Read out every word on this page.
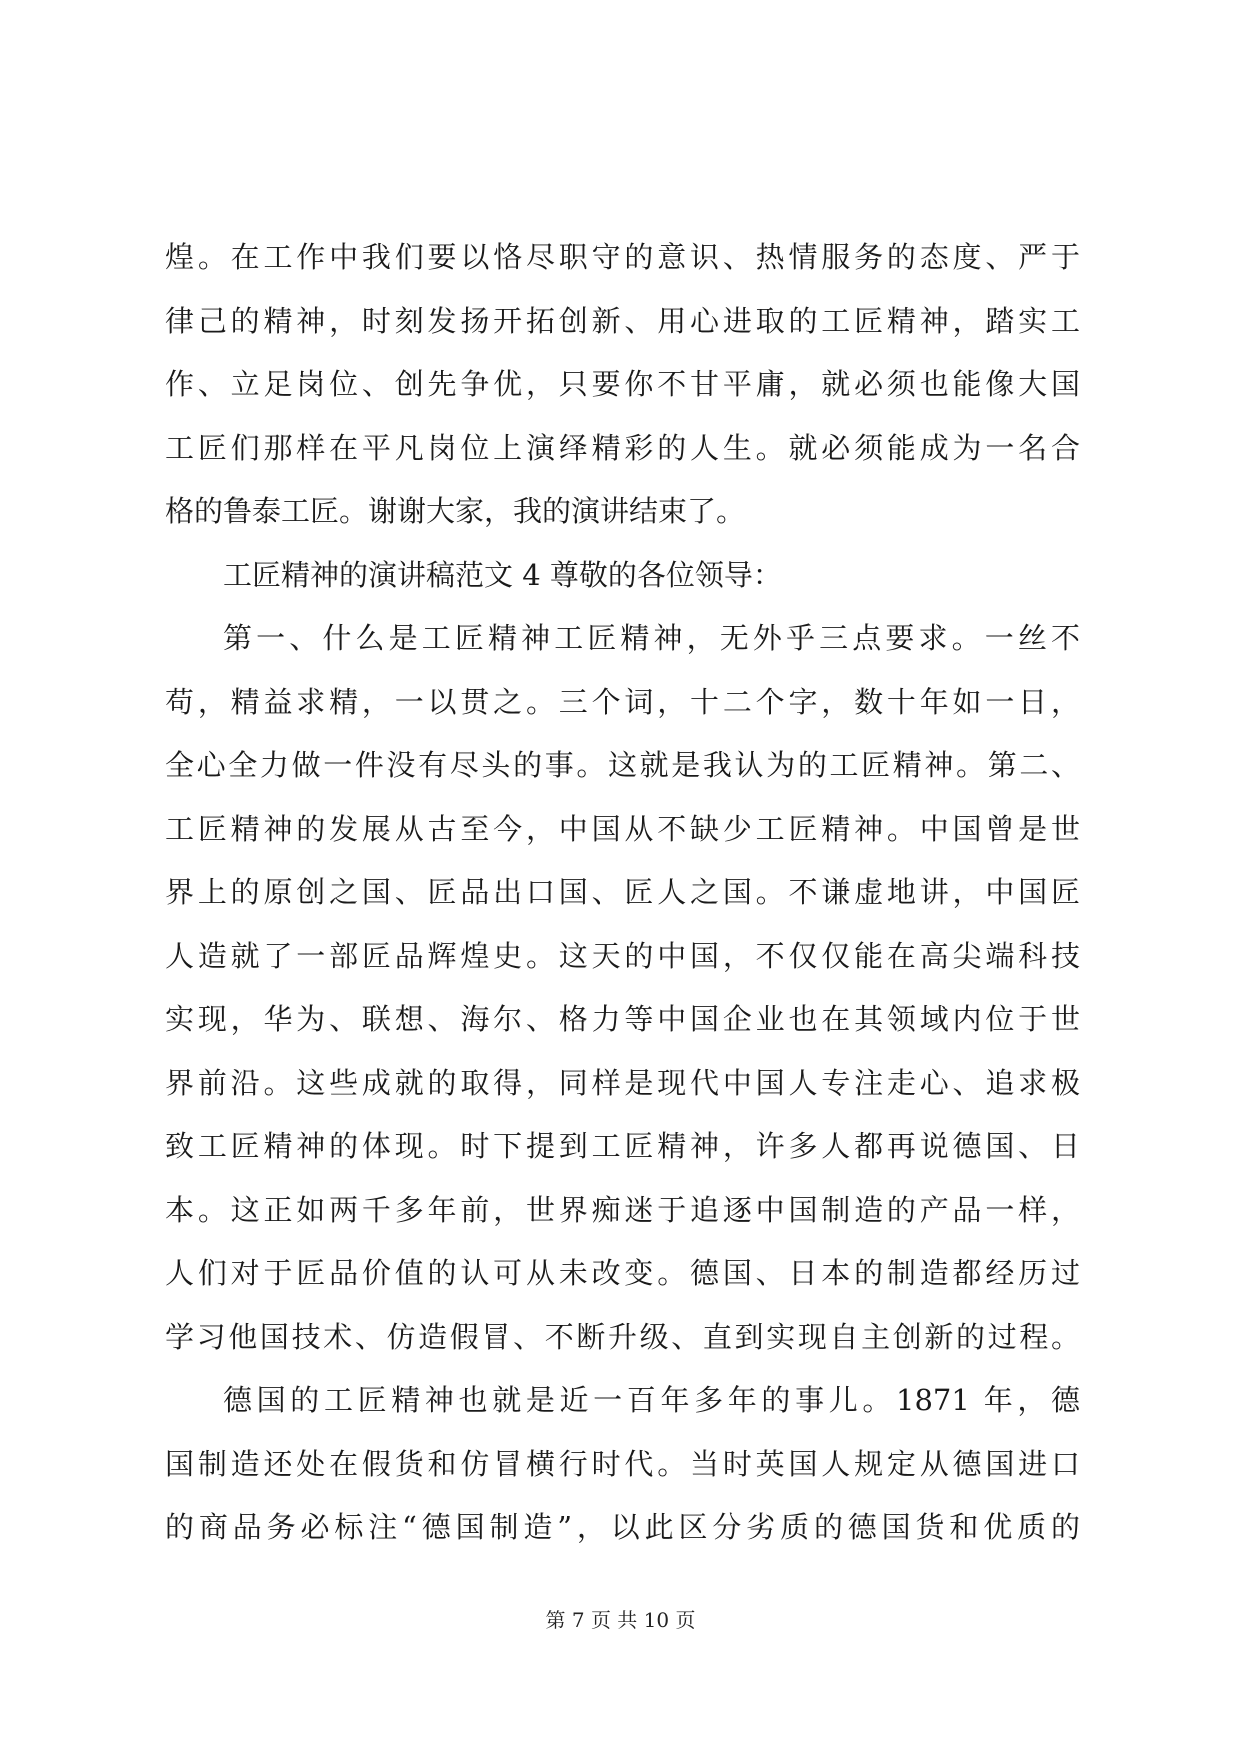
煌。在工作中我们要以恪尽职守的意识、热情服务的态度、严于
律己的精神，时刻发扬开拓创新、用心进取的工匠精神，踏实工
作、立足岗位、创先争优，只要你不甘平庸，就必须也能像大国
工匠们那样在平凡岗位上演绎精彩的人生。就必须能成为一名合
格的鲁泰工匠。谢谢大家，我的演讲结束了。
工匠精神的演讲稿范文 4 尊敬的各位领导：
第一、什么是工匠精神工匠精神，无外乎三点要求。一丝不
苟，精益求精，一以贯之。三个词，十二个字，数十年如一日，
全心全力做一件没有尽头的事。这就是我认为的工匠精神。第二、
工匠精神的发展从古至今，中国从不缺少工匠精神。中国曾是世
界上的原创之国、匠品出口国、匠人之国。不谦虚地讲，中国匠
人造就了一部匠品辉煌史。这天的中国，不仅仅能在高尖端科技
实现，华为、联想、海尔、格力等中国企业也在其领域内位于世
界前沿。这些成就的取得，同样是现代中国人专注走心、追求极
致工匠精神的体现。时下提到工匠精神，许多人都再说德国、日
本。这正如两千多年前，世界痴迷于追逐中国制造的产品一样，
人们对于匠品价值的认可从未改变。德国、日本的制造都经历过
学习他国技术、仿造假冒、不断升级、直到实现自主创新的过程。
德国的工匠精神也就是近一百年多年的事儿。1871 年，德
国制造还处在假货和仿冒横行时代。当时英国人规定从德国进口
的商品务必标注“德国制造”，以此区分劣质的德国货和优质的
第 7 页 共 10 页
